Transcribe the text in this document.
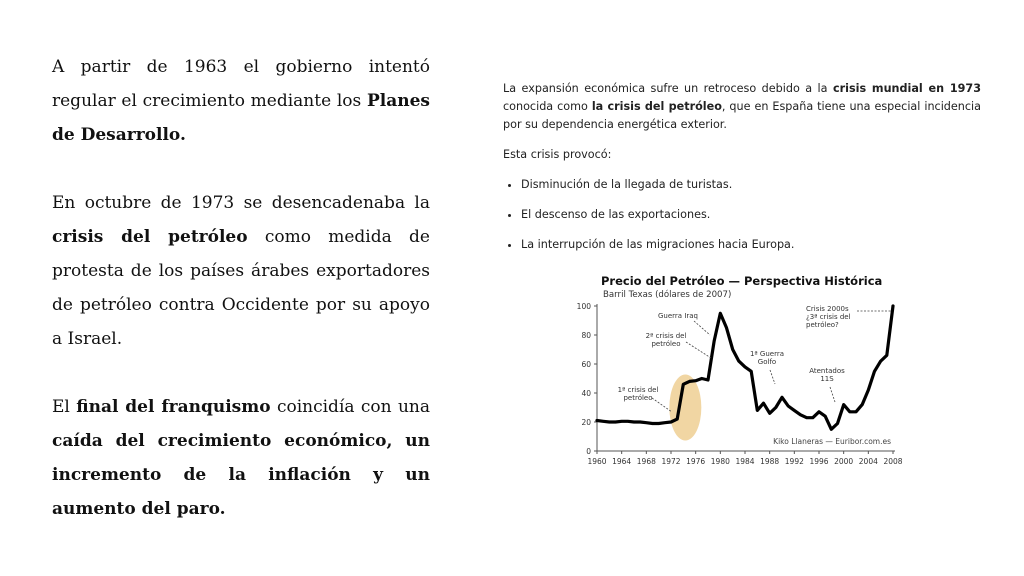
A partir de 1963 el gobierno intentó regular el crecimiento mediante los Planes de Desarrollo.

En octubre de 1973 se desencadenaba la crisis del petróleo como medida de protesta de los países árabes exportadores de petróleo contra Occidente por su apoyo a Israel.

El final del franquismo coincidía con una caída del crecimiento económico, un incremento de la inflación y un aumento del paro.

La expansión económica sufre un retroceso debido a la crisis mundial en 1973 conocida como la crisis del petróleo, que en España tiene una especial incidencia por su dependencia energética exterior.

Esta crisis provocó:

• Disminución de la llegada de turistas.
• El descenso de las exportaciones.
• La interrupción de las migraciones hacia Europa.
Precio del Petróleo — Perspectiva Histórica
Barril Texas (dólares de 2007)
0
20
40
60
80
100
1960 1964 1968 1972 1976 1980 1984 1988 1992 1996 2000 2004 2008
1ª crisis del petróleo
2ª crisis del petróleo
Guerra Iraq
1ª Guerra Golfo
Atentados 11S
Crisis 2000s ¿3ª crisis del petróleo?
Kiko Llaneras — Euribor.com.es
